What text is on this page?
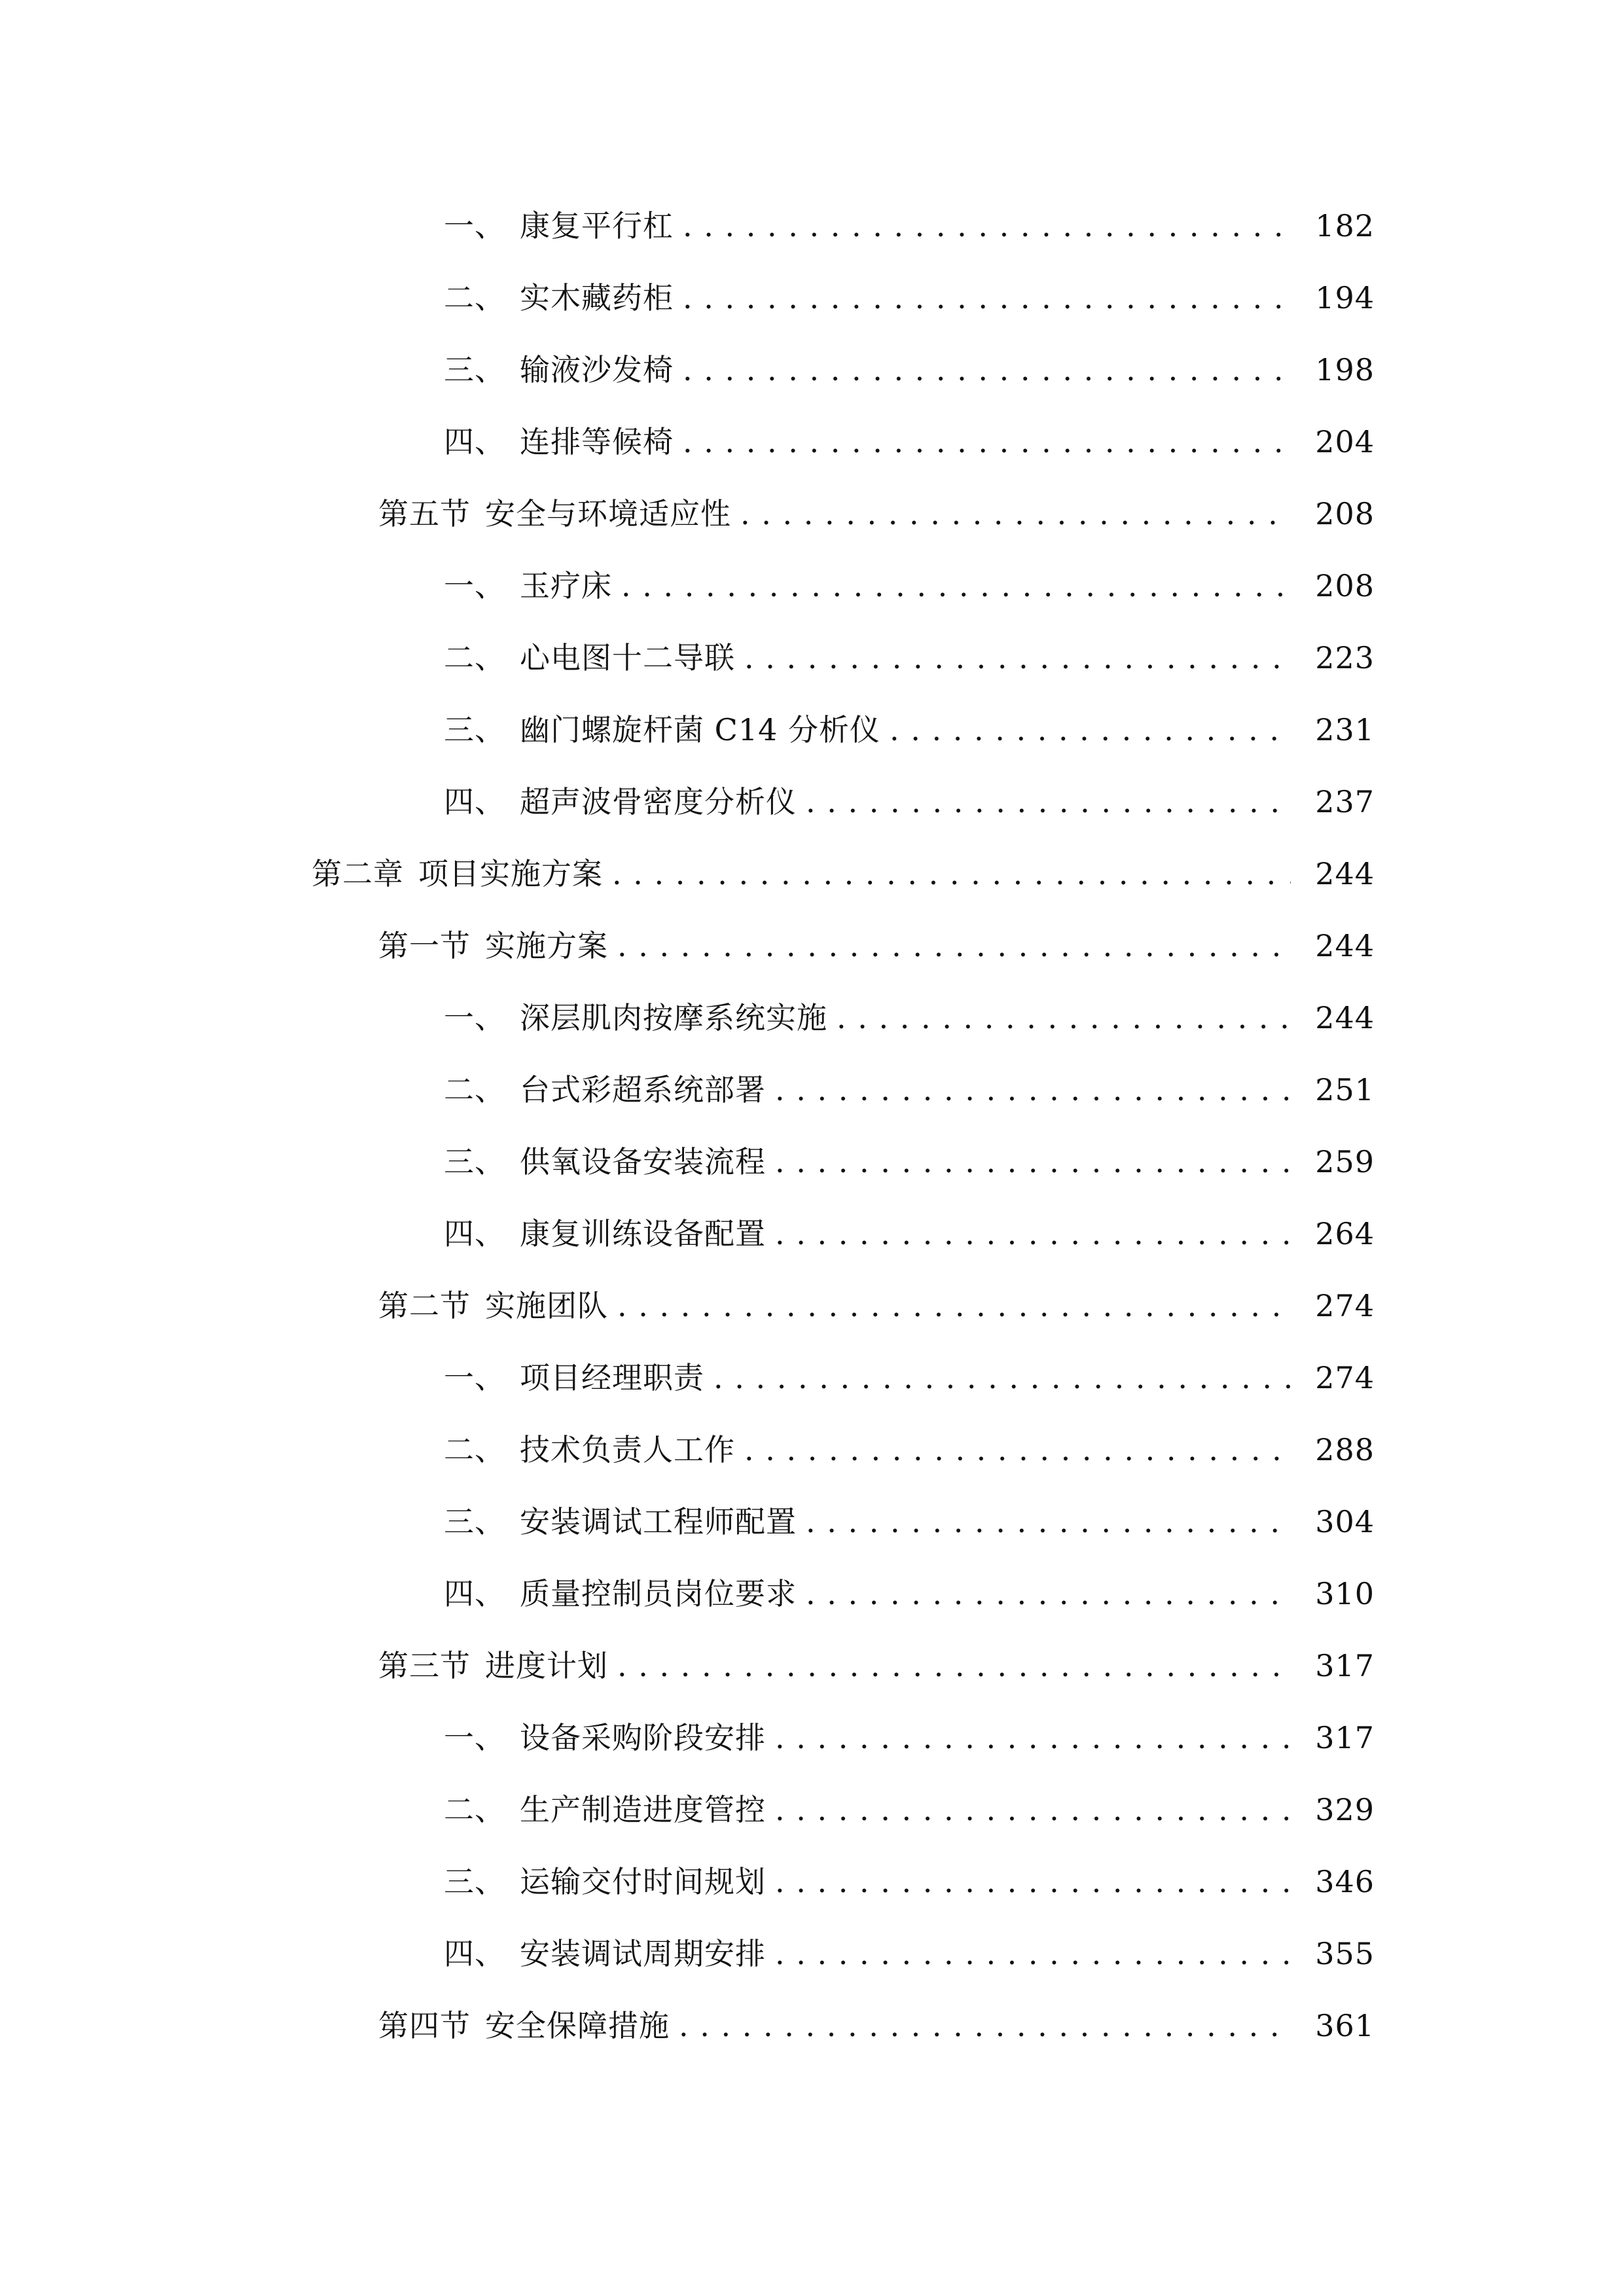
一、 康复平行杠 . . .	182
二、 实木藏药柜 . . .	194
三、 输液沙发椅 . . .	198
四、 连排等候椅 . . .	204
第五节 安全与环境适应性 . . .	208
一、 玉疗床 . . .	208
二、 心电图十二导联 . . .	223
三、 幽门螺旋杆菌 C14 分析仪 . . .	231
四、 超声波骨密度分析仪 . . .	237
第二章 项目实施方案 . . .	244
第一节 实施方案 . . .	244
一、 深层肌肉按摩系统实施 . . .	244
二、 台式彩超系统部署 . . .	251
三、 供氧设备安装流程 . . .	259
四、 康复训练设备配置 . . .	264
第二节 实施团队 . . .	274
一、 项目经理职责 . . .	274
二、 技术负责人工作 . . .	288
三、 安装调试工程师配置 . . .	304
四、 质量控制员岗位要求 . . .	310
第三节 进度计划 . . .	317
一、 设备采购阶段安排 . . .	317
二、 生产制造进度管控 . . .	329
三、 运输交付时间规划 . . .	346
四、 安装调试周期安排 . . .	355
第四节 安全保障措施 . . .	361
